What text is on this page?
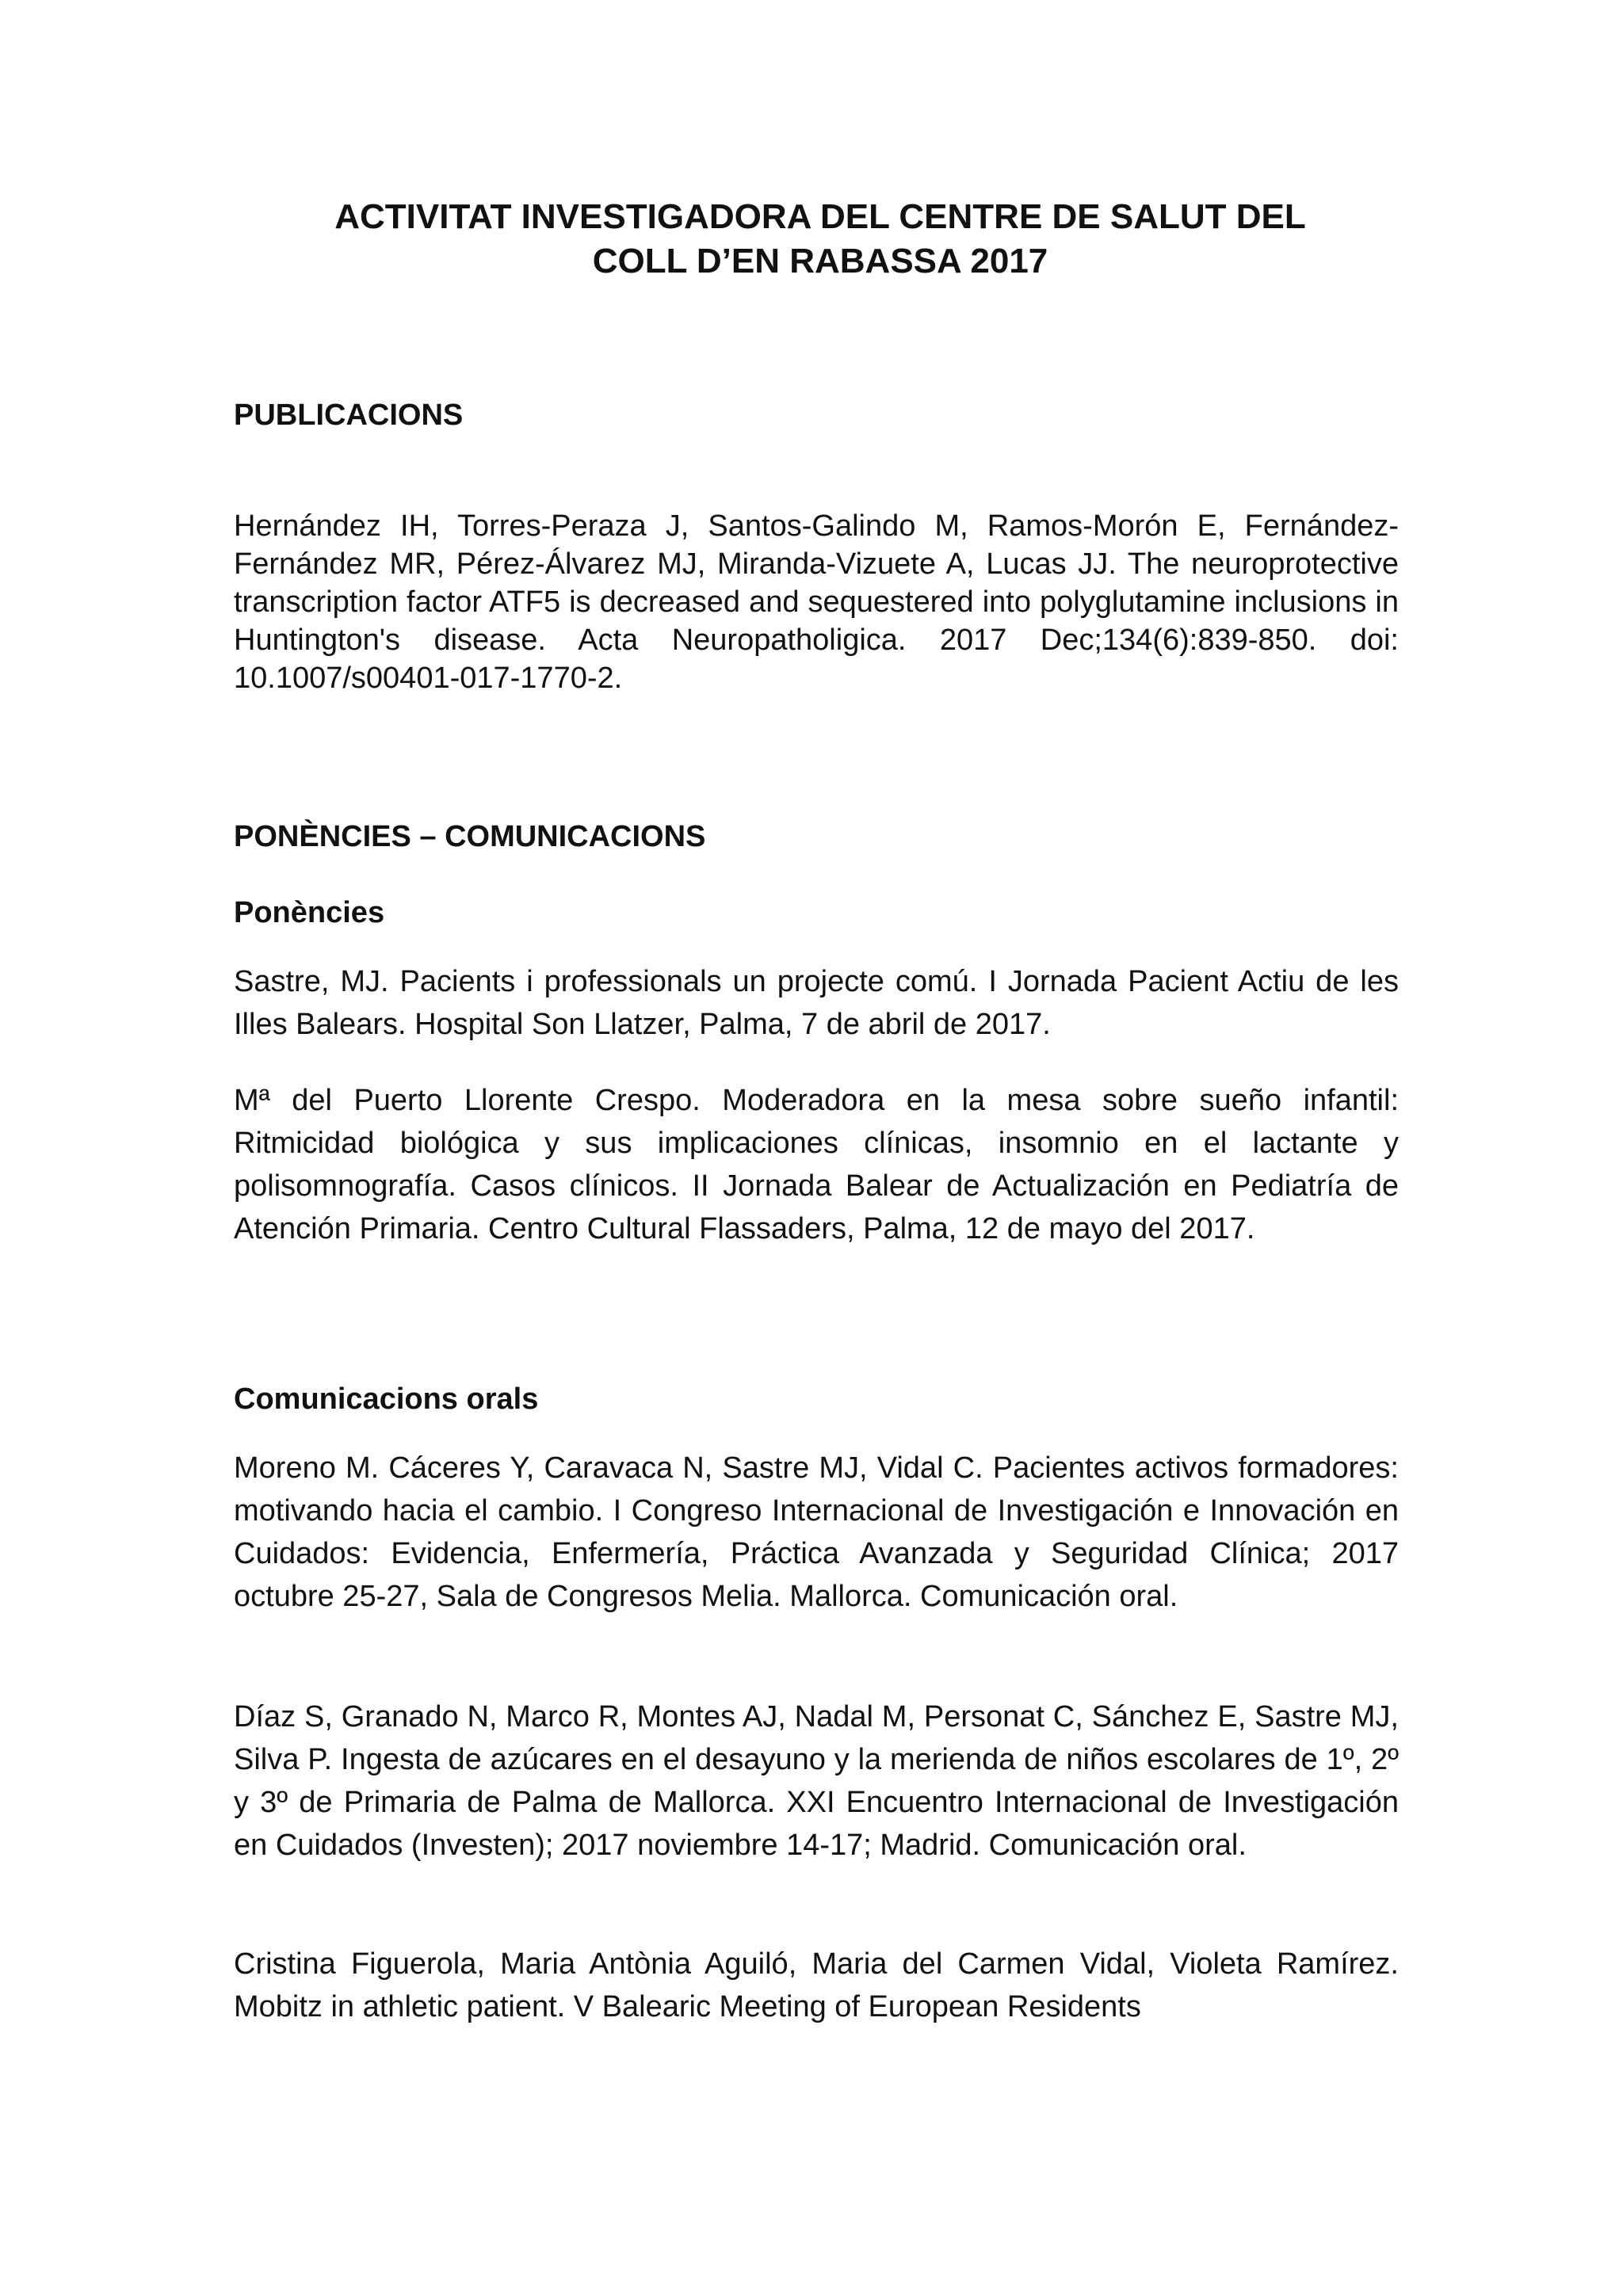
ACTIVITAT INVESTIGADORA DEL CENTRE DE SALUT DEL
COLL D’EN RABASSA 2017
PUBLICACIONS

Hernández IH, Torres-Peraza J, Santos-Galindo M, Ramos-Morón E, Fernández-Fernández MR, Pérez-Álvarez MJ, Miranda-Vizuete A, Lucas JJ. The neuroprotective transcription factor ATF5 is decreased and sequestered into polyglutamine inclusions in Huntington's disease. Acta Neuropatholigica. 2017 Dec;134(6):839-850. doi: 10.1007/s00401-017-1770-2.

PONÈNCIES – COMUNICACIONS
Ponències

Sastre, MJ. Pacients i professionals un projecte comú. I Jornada Pacient Actiu de les Illes Balears. Hospital Son Llatzer, Palma, 7 de abril de 2017.

Mª del Puerto Llorente Crespo. Moderadora en la mesa sobre sueño infantil: Ritmicidad biológica y sus implicaciones clínicas, insomnio en el lactante y polisomnografía. Casos clínicos. II Jornada Balear de Actualización en Pediatría de Atención Primaria. Centro Cultural Flassaders, Palma, 12 de mayo del 2017.

Comunicacions orals

Moreno M. Cáceres Y, Caravaca N, Sastre MJ, Vidal C. Pacientes activos formadores: motivando hacia el cambio. I Congreso Internacional de Investigación e Innovación en Cuidados: Evidencia, Enfermería, Práctica Avanzada y Seguridad Clínica; 2017 octubre 25-27, Sala de Congresos Melia. Mallorca. Comunicación oral.

Díaz S, Granado N, Marco R, Montes AJ, Nadal M, Personat C, Sánchez E, Sastre MJ, Silva P. Ingesta de azúcares en el desayuno y la merienda de niños escolares de 1º, 2º y 3º de Primaria de Palma de Mallorca. XXI Encuentro Internacional de Investigación en Cuidados (Investen); 2017 noviembre 14-17; Madrid. Comunicación oral.

Cristina Figuerola, Maria Antònia Aguiló, Maria del Carmen Vidal, Violeta Ramírez. Mobitz in athletic patient. V Balearic Meeting of European Residents
